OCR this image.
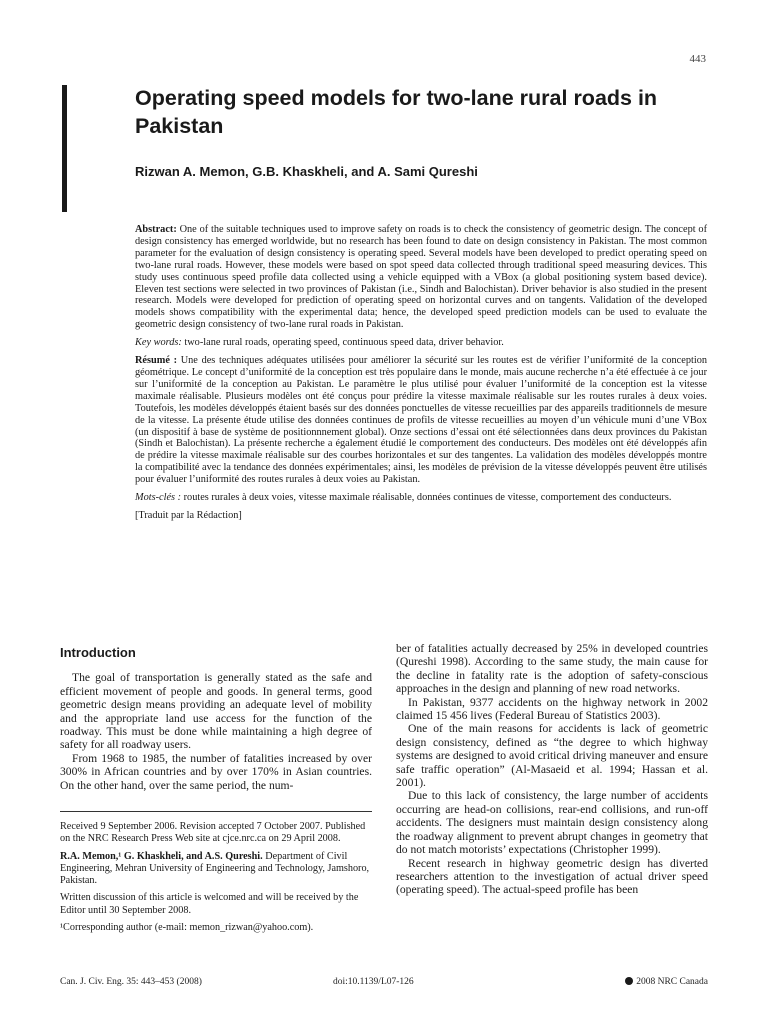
443
Operating speed models for two-lane rural roads in Pakistan
Rizwan A. Memon, G.B. Khaskheli, and A. Sami Qureshi

Abstract: One of the suitable techniques used to improve safety on roads is to check the consistency of geometric design. The concept of design consistency has emerged worldwide, but no research has been found to date on design consistency in Pakistan. The most common parameter for the evaluation of design consistency is operating speed. Several models have been developed to predict operating speed on two-lane rural roads. However, these models were based on spot speed data collected through traditional speed measuring devices. This study uses continuous speed profile data collected using a vehicle equipped with a VBox (a global positioning system based device). Eleven test sections were selected in two provinces of Pakistan (i.e., Sindh and Balochistan). Driver behavior is also studied in the present research. Models were developed for prediction of operating speed on horizontal curves and on tangents. Validation of the developed models shows compatibility with the experimental data; hence, the developed speed prediction models can be used to evaluate the geometric design consistency of two-lane rural roads in Pakistan.

Key words: two-lane rural roads, operating speed, continuous speed data, driver behavior.

Résumé : Une des techniques adéquates utilisées pour améliorer la sécurité sur les routes est de vérifier l’uniformité de la conception géométrique. Le concept d’uniformité de la conception est très populaire dans le monde, mais aucune recherche n’a été effectuée à ce jour sur l’uniformité de la conception au Pakistan. Le paramètre le plus utilisé pour évaluer l’uniformité de la conception est la vitesse maximale réalisable. Plusieurs modèles ont été conçus pour prédire la vitesse maximale réalisable sur les routes rurales à deux voies. Toutefois, les modèles développés étaient basés sur des données ponctuelles de vitesse recueillies par des appareils traditionnels de mesure de la vitesse. La présente étude utilise des données continues de profils de vitesse recueillies au moyen d’un véhicule muni d’une VBox (un dispositif à base de système de positionnnement global). Onze sections d’essai ont été sélectionnées dans deux provinces du Pakistan (Sindh et Balochistan). La présente recherche a également étudié le comportement des conducteurs. Des modèles ont été développés afin de prédire la vitesse maximale réalisable sur des courbes horizontales et sur des tangentes. La validation des modèles développés montre la compatibilité avec la tendance des données expérimentales; ainsi, les modèles de prévision de la vitesse développés peuvent être utilisés pour évaluer l’uniformité des routes rurales à deux voies au Pakistan.

Mots-clés : routes rurales à deux voies, vitesse maximale réalisable, données continues de vitesse, comportement des conducteurs.

[Traduit par la Rédaction]

Introduction

The goal of transportation is generally stated as the safe and efficient movement of people and goods. In general terms, good geometric design means providing an adequate level of mobility and the appropriate land use access for the function of the roadway. This must be done while maintaining a high degree of safety for all roadway users.

From 1968 to 1985, the number of fatalities increased by over 300% in African countries and by over 170% in Asian countries. On the other hand, over the same period, the num-

Received 9 September 2006. Revision accepted 7 October 2007. Published on the NRC Research Press Web site at cjce.nrc.ca on 29 April 2008.

R.A. Memon,¹ G. Khaskheli, and A.S. Qureshi. Department of Civil Engineering, Mehran University of Engineering and Technology, Jamshoro, Pakistan.

Written discussion of this article is welcomed and will be received by the Editor until 30 September 2008.

¹Corresponding author (e-mail: memon_rizwan@yahoo.com).

ber of fatalities actually decreased by 25% in developed countries (Qureshi 1998). According to the same study, the main cause for the decline in fatality rate is the adoption of safety-conscious approaches in the design and planning of new road networks.

In Pakistan, 9377 accidents on the highway network in 2002 claimed 15 456 lives (Federal Bureau of Statistics 2003).

One of the main reasons for accidents is lack of geometric design consistency, defined as “the degree to which highway systems are designed to avoid critical driving maneuver and ensure safe traffic operation” (Al-Masaeid et al. 1994; Hassan et al. 2001).

Due to this lack of consistency, the large number of accidents occurring are head-on collisions, rear-end collisions, and run-off accidents. The designers must maintain design consistency along the roadway alignment to prevent abrupt changes in geometry that do not match motorists’ expectations (Christopher 1999).

Recent research in highway geometric design has diverted researchers attention to the investigation of actual driver speed (operating speed). The actual-speed profile has been

Can. J. Civ. Eng. 35: 443–453 (2008)	doi:10.1139/L07-126	2008 NRC Canada
